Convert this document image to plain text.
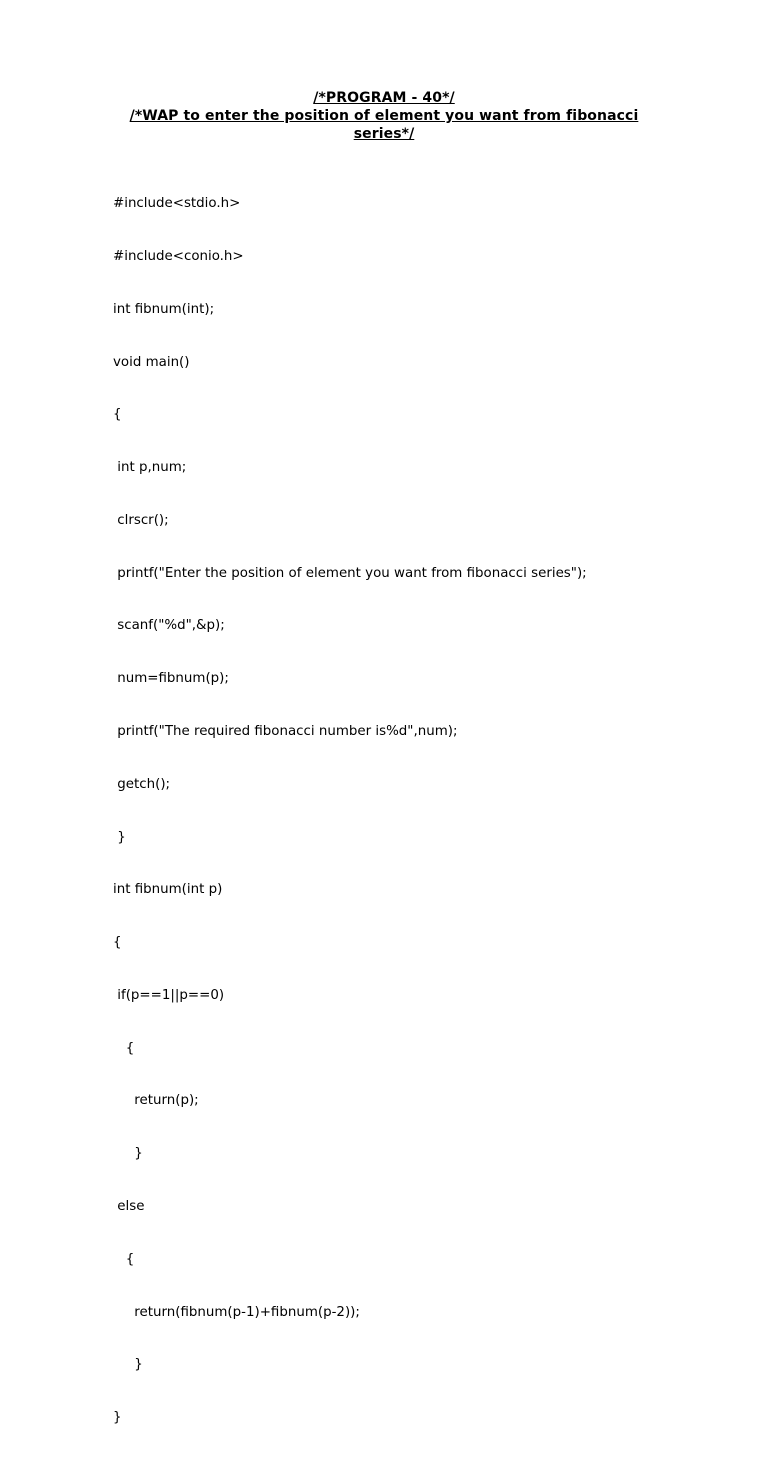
/*PROGRAM - 40*/

/*WAP to enter the position of element you want from fibonacci series*/

#include<stdio.h>

#include<conio.h>

int fibnum(int);

void main()

{

int p,num;

clrscr();

printf("Enter the position of element you want from fibonacci series");

scanf("%d",&p);

num=fibnum(p);

printf("The required fibonacci number is%d",num);

getch();

}

int fibnum(int p)

{

if(p==1||p==0)

{

return(p);

}

else

{

return(fibnum(p-1)+fibnum(p-2));

}

}
